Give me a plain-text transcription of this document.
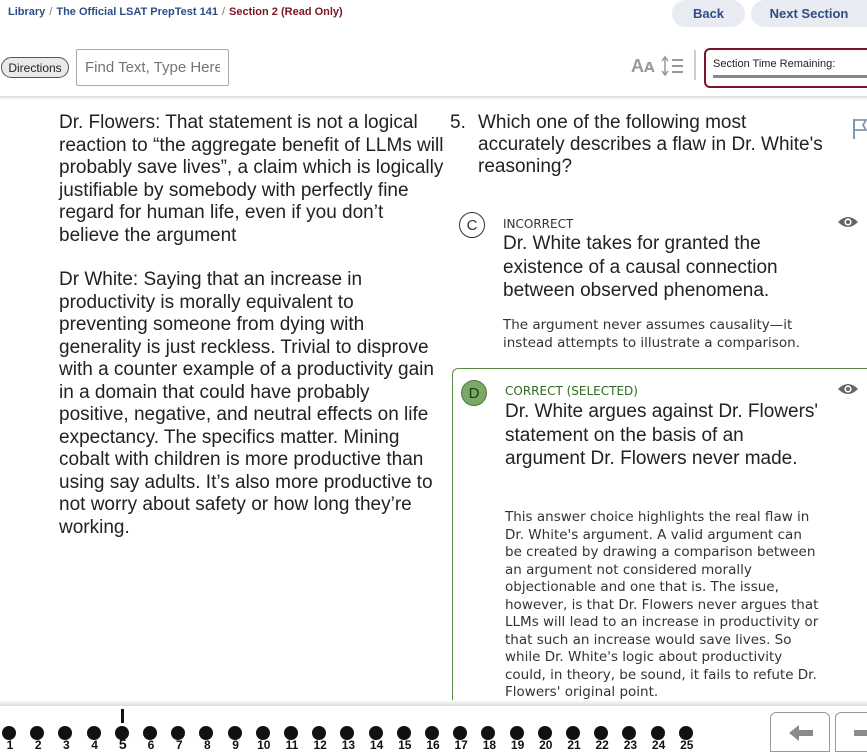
Library / The Official LSAT PrepTest 141 / Section 2 (Read Only)	Back	Next Section
Directions
Find Text, Type Here	Aᴀ	Section Time Remaining:

Dr. Flowers: That statement is not a logical reaction to “the aggregate benefit of LLMs will probably save lives”, a claim which is logically justifiable by somebody with perfectly fine regard for human life, even if you don’t believe the argument

Dr White: Saying that an increase in productivity is morally equivalent to preventing someone from dying with generality is just reckless. Trivial to disprove with a counter example of a productivity gain in a domain that could have probably positive, negative, and neutral effects on life expectancy. The specifics matter. Mining cobalt with children is more productive than using say adults. It’s also more productive to not worry about safety or how long they’re working.

5. Which one of the following most accurately describes a flaw in Dr. White's reasoning?
C	INCORRECT
Dr. White takes for granted the existence of a causal connection between observed phenomena.
The argument never assumes causality—it instead attempts to illustrate a comparison.
D	CORRECT (SELECTED)
Dr. White argues against Dr. Flowers' statement on the basis of an argument Dr. Flowers never made.
This answer choice highlights the real flaw in Dr. White's argument. A valid argument can be created by drawing a comparison between an argument not considered morally objectionable and one that is. The issue, however, is that Dr. Flowers never argues that LLMs will lead to an increase in productivity or that such an increase would save lives. So while Dr. White's logic about productivity could, in theory, be sound, it fails to refute Dr. Flowers' original point.
1	2	3	4	5	6	7	8	9	10	11	12	13	14	15	16	17	18	19	20	21	22	23	24	25
